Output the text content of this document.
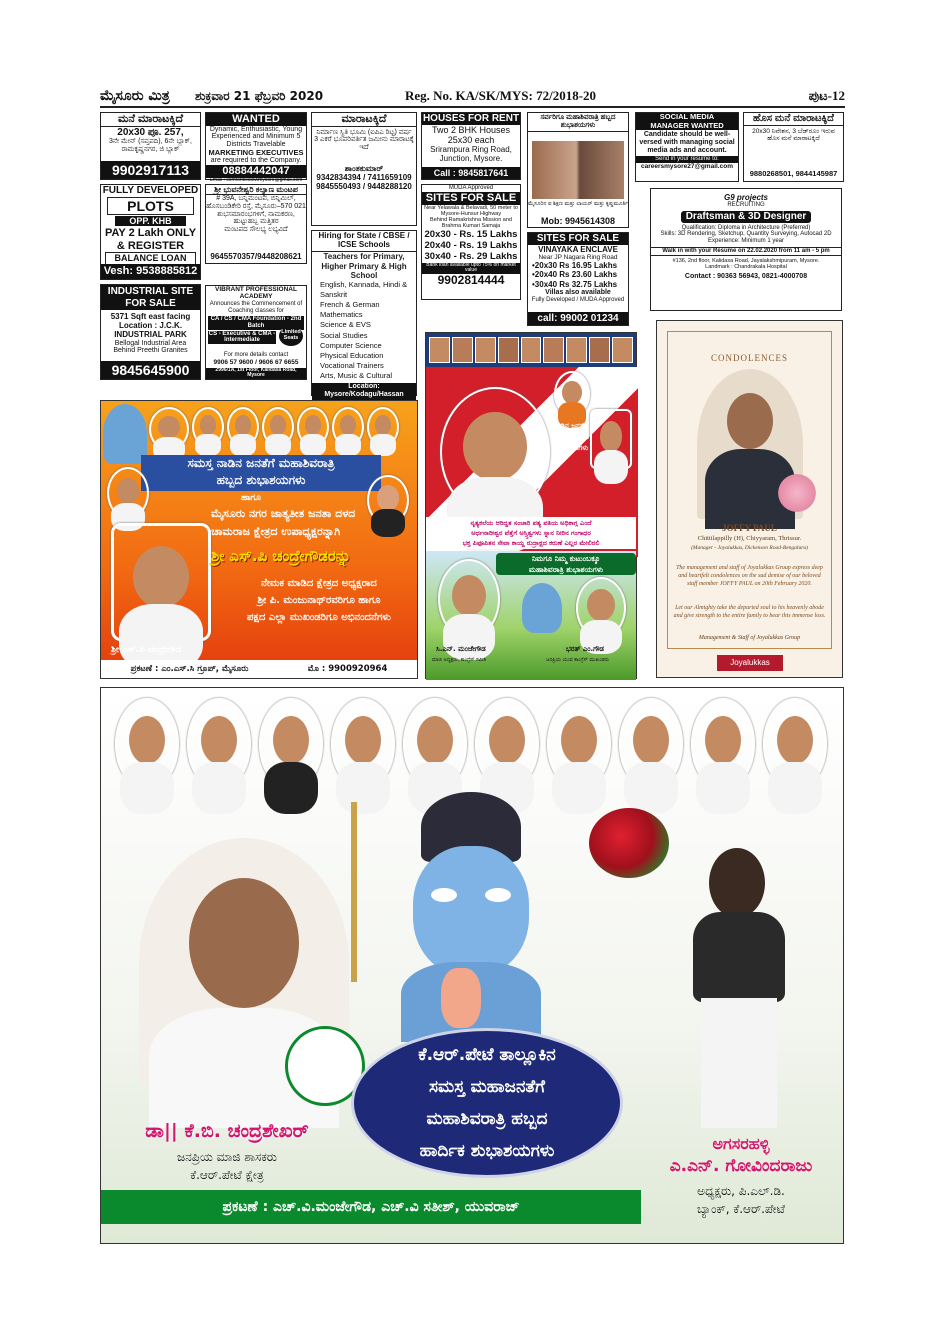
ಮೈಸೂರು ಮಿತ್ರ	ಶುಕ್ರವಾರ 21 ಫೆಬ್ರವರಿ 2020	Reg. No. KA/SK/MYS: 72/2018-20	ಪುಟ-12
ಮನೆ ಮಾರಾಟಕ್ಕಿದೆ
20x30 ಪೂ. 257,
3ನೇ ಮೇನ್ (ಸಪ್ತಪದಿ), 6ನೇ ಬ್ಲಾಕ್,
ರಾಮಕೃಷ್ಣನಗರ, ಜಿ ಬ್ಲಾಕ್
9902917113
FULLY DEVELOPED
PLOTS
OPP. KHB
PAY 2 Lakh ONLY
& REGISTER
BALANCE LOAN
Vesh: 9538885812
INDUSTRIAL SITE FOR SALE
5371 Sqft east facing
Location : J.C.K.
INDUSTRIAL PARK
Bellogal Industrial Area
Behind Preethi Granites
9845645900
WANTED
Dynamic, Enthusiastic, Young Experienced and Minimum 5 Districts Travelable
MARKETING EXECUTIVES
are required to the Company.
08884442047
Email : comforitiestowmysore@gmail.com
ಶ್ರೀ ಭುವನೇಶ್ವರಿ ಕಲ್ಯಾಣ ಮಂಟಪ
# 39A, ಬನ್ನಿಮಂಟಪ, ಬಿನ್ನಿಮಿಲ್,
ಹೊಸಬಂಡಿಕೇರಿ ರಸ್ತೆ, ಮೈಸೂರು–570 021
ಶುಭಸಮಾರಂಭಗಳಿಗೆ, ನಾಮಕರಣ, ಹುಟ್ಟುಹಬ್ಬ ಮತ್ತಿತರ
ಮಂಟಪದ ಸೌಲಭ್ಯ ಲಭ್ಯವಿದೆ
9645570357/9448208621
VIBRANT PROFESSIONAL ACADEMY
Announces the Commencement of Coaching classes for
CA / CS / CMA Foundation - 2nd Batch
CS - Executive & CMA - Intermediate
Limited Seats
For more details contact
9906 57 9600 / 9606 67 6655
2996/1A, 1st Floor, Kalidasa Road, Mysore
ಮಾರಾಟಕ್ಕಿದೆ
ನಿರ್ಮಾಣ ಸ್ಥಿತಿ ಭೂಮಿ (ಐಪಿಎ ರಿಟ್ಟ) ವರ್ಷ 3 ಎಕರೆ ಭೂಪರಿವರ್ತಿತ ಜಮೀನು ಮಾರಾಟಕ್ಕೆ ಇದೆ
ಶಾಂತಕುಮಾರ್
9342834394 / 7411659109
9845550493 / 9448288120
Hiring for State / CBSE / ICSE Schools
Teachers for Primary, Higher Primary & High School
English, Kannada, Hindi & Sanskrit
French & German
Mathematics
Science & EVS
Social Studies
Computer Science
Physical Education
Vocational Trainers
Arts, Music & Cultural
Location: Mysore/Kodagu/Hassan
HOUSES FOR RENT
Two 2 BHK Houses
25x30 each
Srirampura Ring Road,
Junction, Mysore.
Call : 9845817641
MUDA Approved
SITES FOR SALE
Near Yelawala & Belavadi, 50 meter to Mysore-Hunsur Highway
Behind Ramakrishna Mission and Brahma Kumari Samaja
20x30 - Rs. 15 Lakhs
20x40 - Rs. 19 Lakhs
30x40 - Rs. 29 Lakhs
Bank loan available upto 75% on market value
9902814444
ಸರ್ವರಿಗೂ ಮಹಾಶಿವರಾತ್ರಿ ಹಬ್ಬದ ಶುಭಾಶಯಗಳು
ಮೈಸೂರಿನ ವ ಶಿಕ್ಷಣ ಮತ್ತು ಲಾಯರ್ ಮತ್ತು ಕೃಷ್ಣಮೂರ್ತಿ
Mob: 9945614308
SITES FOR SALE
VINAYAKA ENCLAVE
Near JP Nagara Ring Road
•20x30 Rs 16.95 Lakhs
•20x40 Rs 23.60 Lakhs
•30x40 Rs 32.75 Lakhs
Villas also available
Fully Developed / MUDA Approved
call: 99002 01234
SOCIAL MEDIA
MANAGER WANTED
Candidate should be well-versed with managing social media ads and account.
Send in your resume to:
careersmysore27@gmail.com
ಹೊಸ ಮನೆ ಮಾರಾಟಕ್ಕಿದೆ
20x30 ನಿವೇಶನ, 3 ಬೆಡ್‌ರೂಂ ಇರುವ ಹೊಸ ಮನೆ ಮಾರಾಟಕ್ಕಿದೆ
9880268501, 9844145987
G9 projects
RECRUITING
Draftsman & 3D Designer
Qualification: Diploma in Architecture (Preferred)
Skills: 3D Rendering, Sketchup, Quantity Surveying, Autocad 2D
Experience: Minimum 1 year
Walk in with your Resume on 22.02.2020 from 11 am - 5 pm
#136, 2nd floor, Kalidasa Road, Jayalakshmipuram, Mysore.
Landmark : Chandrakala Hospital
Contact : 90363 56943, 0821-4000708
ಸಮಸ್ತ ನಾಡಿನ ಜನತೆಗೆ ಮಹಾಶಿವರಾತ್ರಿ
ಹಬ್ಬದ ಶುಭಾಶಯಗಳು
ಹಾಗೂ
ಮೈಸೂರು ನಗರ ಜಾತ್ಯತೀತ ಜನತಾ ದಳದ
ಚಾಮರಾಜ ಕ್ಷೇತ್ರದ ಉಪಾಧ್ಯಕ್ಷರನ್ನಾಗಿ
ಶ್ರೀ ಎಸ್.ಪಿ ಚಂದ್ರೇಗೌಡರನ್ನು
ನೇಮಕ ಮಾಡಿದ ಕ್ಷೇತ್ರದ ಅಧ್ಯಕ್ಷರಾದ
ಶ್ರೀ ಪಿ. ಮಂಜುನಾಥ್‌ರವರಿಗೂ ಹಾಗೂ
ಪಕ್ಷದ ಎಲ್ಲಾ ಮುಖಂಡರಿಗೂ ಅಭಿನಂದನೆಗಳು
ಶ್ರೀ ಎಸ್.ಪಿ ಚಂದ್ರೇಗೌಡ
ಪ್ರಕಟಣೆ : ಎಂ.ಎಸ್.ಸಿ ಗ್ರೂಪ್, ಮೈಸೂರು	ಮೊ : 9900920964
ನಾಡಿನ ಜನತೆಗೆ ಶಿವರಾತ್ರಿ ಹಬ್ಬದ ಶುಭಾಶಯಗಳು
ನೃತ್ಯಕಲೆಯ ಆರಿದ್ದತ ಸಂಚಾರಿ ಪತ್ಯ ಪತಿಯ ಅಧಿಕಾಗ್ಗ ಎಂದೆ
ಅರ್ಧನಾರೀಶ್ವರ ಪೆತ್ತೆಗೆ ಅಸ್ತ್ತಿತ್ವಗಳು ಸ್ನಾನ ನೀರಿನ ಗಂಗಾಧರ
ಭಕ್ತ ಪಿಫೂಪಿತನ ಸೇವಾ ಕಾಯ್ದ ರುದ್ರಾಕ್ಷದ ಕರುಣೆ ಎಲ್ಲರ ಮೇಲಿರಲಿ
ನಿಮಗೂ ನಿಮ್ಮ ಕುಟುಂಬಕ್ಕೂ
ಮಹಾಶಿವರಾತ್ರಿ ಶುಭಾಶಯಗಳು
ಸಿ.ಎನ್. ಮಂಜೇಗೌಡ	ಭರತ್ ಎಂ.ಗೌಡ
ಮಾಜಿ ಅಧ್ಯಕ್ಷರು, ಕಾಂಗ್ರೆಸ್ ಸಮಿತಿ	ಜನಪ್ರಿಯ ಯುವ ಕಾಂಗ್ರೆಸ್ ಮುಖಂಡರು
CONDOLENCES
JOFFY PAUL
Chittilappilly (H), Chiyyaram, Thrissur.
(Manager - Joyalukkas, Dickenson Road-Bengaluru)
The management and staff of Joyalukkas Group express deep and heartfelt condolences on the sad demise of our beloved staff member JOFFY PAUL on 20th February 2020.
Let our Almighty take the departed soul to his heavenly abode and give strength to the entire family to bear this immense loss.
Management & Staff of Joyalukkas Group
Joyalukkas
ಡಾ|| ಕೆ.ಬಿ. ಚಂದ್ರಶೇಖರ್
ಜನಪ್ರಿಯ ಮಾಜಿ ಶಾಸಕರು
ಕೆ.ಆರ್.ಪೇಟೆ ಕ್ಷೇತ್ರ
ಕೆ.ಆರ್.ಪೇಟೆ ತಾಲ್ಲೂಕಿನ
ಸಮಸ್ತ ಮಹಾಜನತೆಗೆ
ಮಹಾಶಿವರಾತ್ರಿ ಹಬ್ಬದ
ಹಾರ್ದಿಕ ಶುಭಾಶಯಗಳು	ಅಗಸರಹಳ್ಳಿ
ಎ.ಎನ್. ಗೋವಿಂದರಾಜು
ಅಧ್ಯಕ್ಷರು, ಪಿ.ಎಲ್.ಡಿ.
ಬ್ಯಾಂಕ್, ಕೆ.ಆರ್.ಪೇಟೆ
ಪ್ರಕಟಣೆ : ಎಚ್.ವಿ.ಮಂಜೇಗೌಡ, ಎಚ್.ವಿ ಸತೀಶ್, ಯುವರಾಜ್
